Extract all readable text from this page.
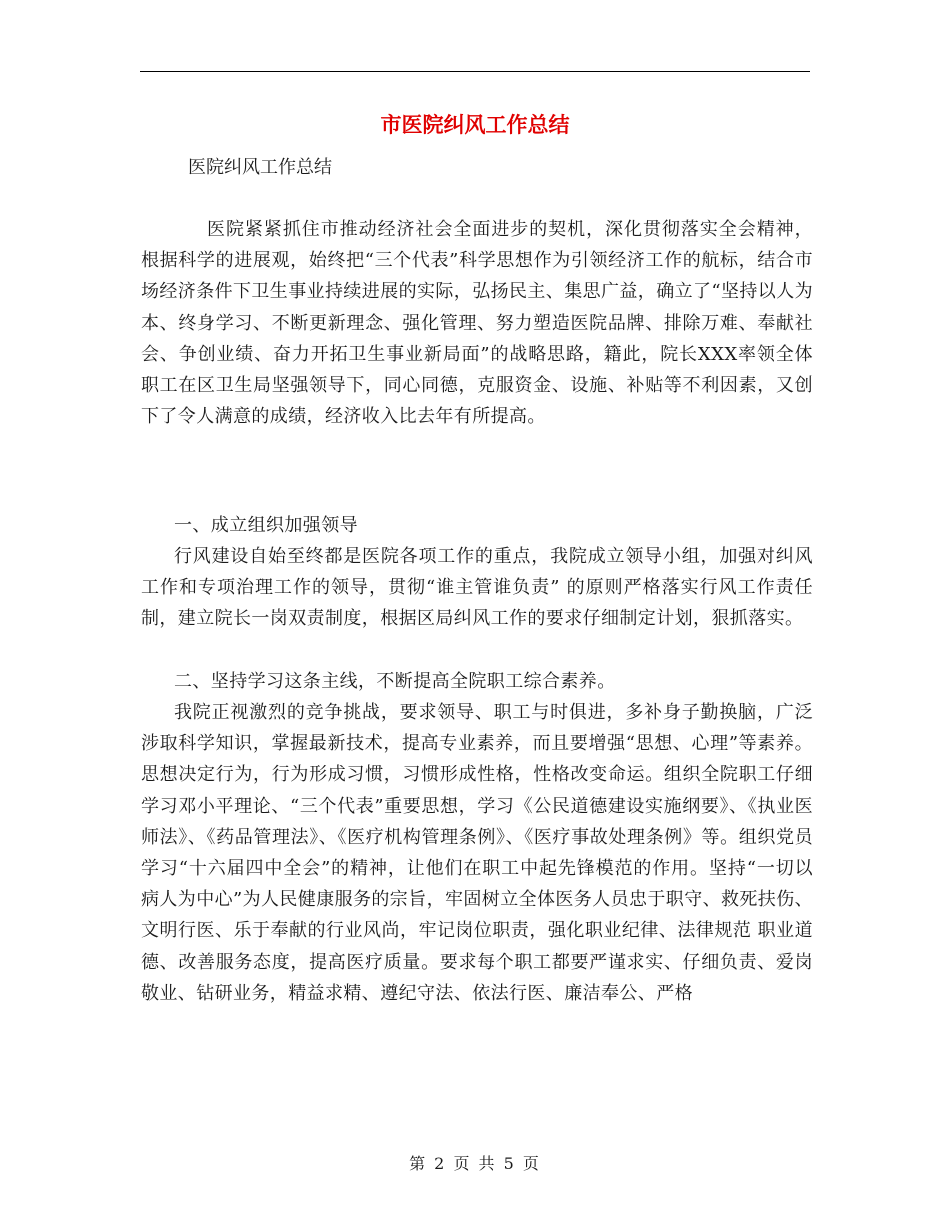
市医院纠风工作总结

医院纠风工作总结

医院紧紧抓住市推动经济社会全面进步的契机，深化贯彻落实全会精神，根据科学的进展观，始终把“三个代表”科学思想作为引领经济工作的航标，结合市场经济条件下卫生事业持续进展的实际，弘扬民主、集思广益，确立了“坚持以人为本、终身学习、不断更新理念、强化管理、努力塑造医院品牌、排除万难、奉献社会、争创业绩、奋力开拓卫生事业新局面”的战略思路，籍此，院长XXX率领全体职工在区卫生局坚强领导下，同心同德，克服资金、设施、补贴等不利因素，又创下了令人满意的成绩，经济收入比去年有所提高。

一、成立组织加强领导

行风建设自始至终都是医院各项工作的重点，我院成立领导小组，加强对纠风工作和专项治理工作的领导，贯彻“谁主管谁负责” 的原则严格落实行风工作责任制，建立院长一岗双责制度，根据区局纠风工作的要求仔细制定计划，狠抓落实。

二、坚持学习这条主线，不断提高全院职工综合素养。

我院正视激烈的竞争挑战，要求领导、职工与时俱进，多补身子勤换脑，广泛涉取科学知识，掌握最新技术，提高专业素养，而且要增强“思想、心理”等素养。思想决定行为，行为形成习惯，习惯形成性格，性格改变命运。组织全院职工仔细学习邓小平理论、“三个代表”重要思想，学习《公民道德建设实施纲要》、《执业医师法》、《药品管理法》、《医疗机构管理条例》、《医疗事故处理条例》等。组织党员学习“十六届四中全会”的精神，让他们在职工中起先锋模范的作用。坚持“一切以病人为中心”为人民健康服务的宗旨，牢固树立全体医务人员忠于职守、救死扶伤、文明行医、乐于奉献的行业风尚，牢记岗位职责，强化职业纪律、法律规范 职业道德、改善服务态度，提高医疗质量。要求每个职工都要严谨求实、仔细负责、爱岗敬业、钻研业务，精益求精、遵纪守法、依法行医、廉洁奉公、严格

第 2 页 共 5 页
